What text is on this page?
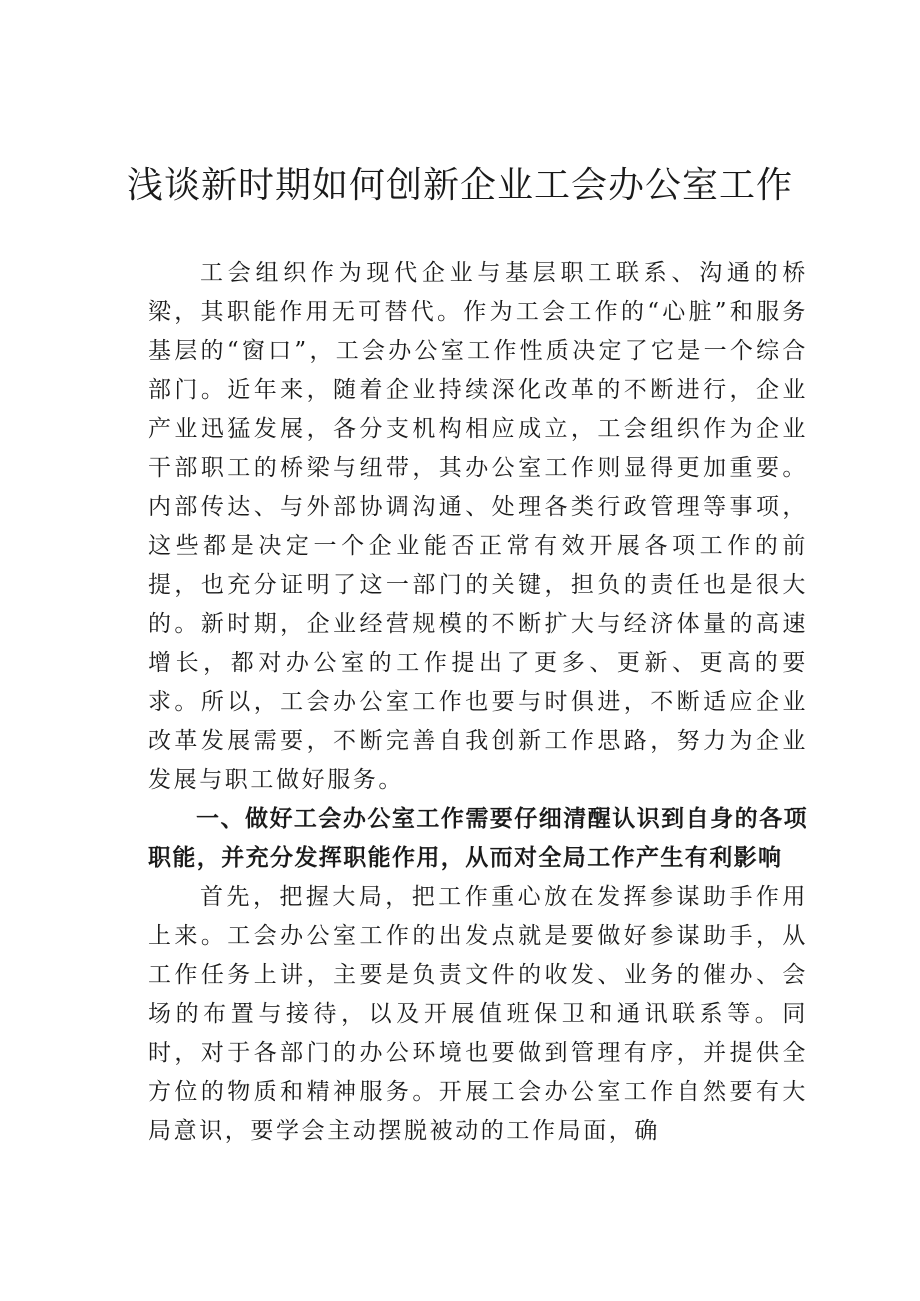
浅谈新时期如何创新企业工会办公室工作

工会组织作为现代企业与基层职工联系、沟通的桥梁，其职能作用无可替代。作为工会工作的“心脏”和服务基层的“窗口”，工会办公室工作性质决定了它是一个综合部门。近年来，随着企业持续深化改革的不断进行，企业产业迅猛发展，各分支机构相应成立，工会组织作为企业干部职工的桥梁与纽带，其办公室工作则显得更加重要。内部传达、与外部协调沟通、处理各类行政管理等事项，这些都是决定一个企业能否正常有效开展各项工作的前提，也充分证明了这一部门的关键，担负的责任也是很大的。新时期，企业经营规模的不断扩大与经济体量的高速增长，都对办公室的工作提出了更多、更新、更高的要求。所以，工会办公室工作也要与时俱进，不断适应企业改革发展需要，不断完善自我创新工作思路，努力为企业发展与职工做好服务。

一、做好工会办公室工作需要仔细清醒认识到自身的各项职能，并充分发挥职能作用，从而对全局工作产生有利影响

首先，把握大局，把工作重心放在发挥参谋助手作用上来。工会办公室工作的出发点就是要做好参谋助手，从工作任务上讲，主要是负责文件的收发、业务的催办、会场的布置与接待，以及开展值班保卫和通讯联系等。同时，对于各部门的办公环境也要做到管理有序，并提供全方位的物质和精神服务。开展工会办公室工作自然要有大局意识，要学会主动摆脱被动的工作局面，确
